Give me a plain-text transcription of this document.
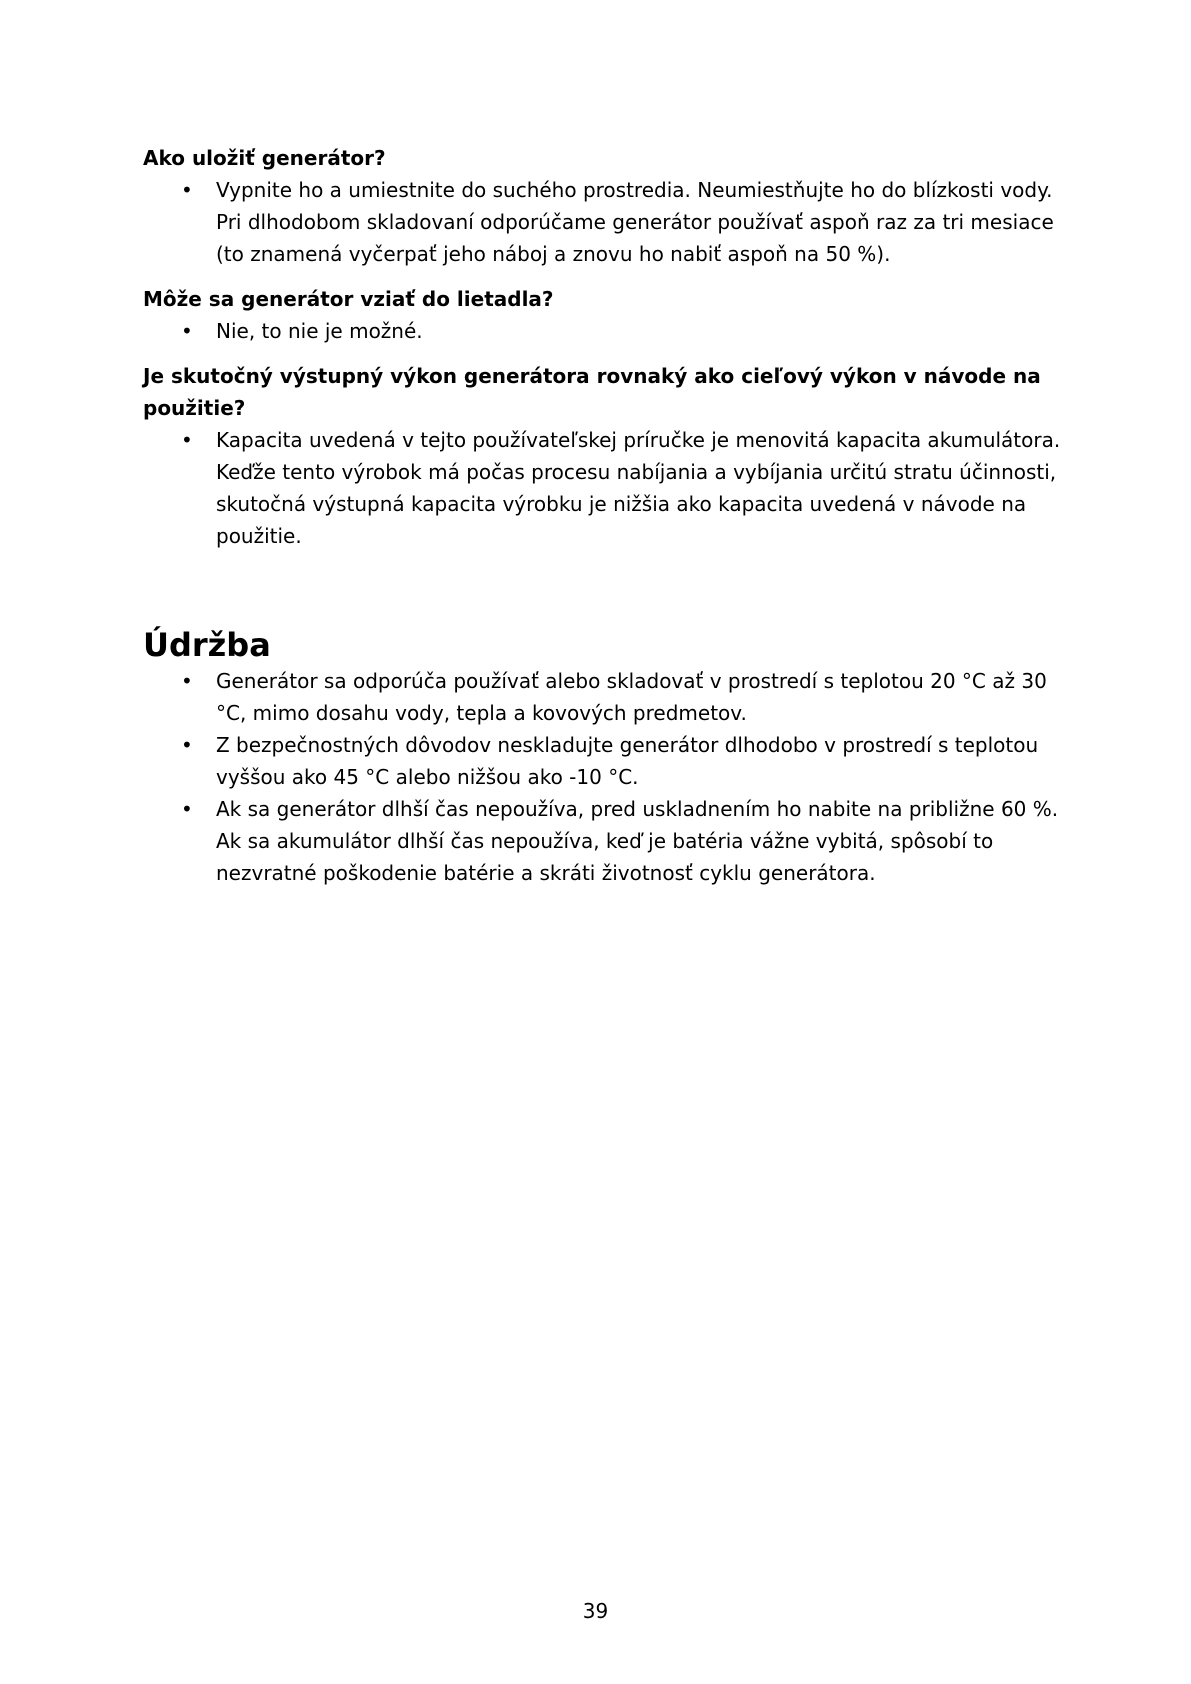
Ako uložiť generátor?

• Vypnite ho a umiestnite do suchého prostredia. Neumiestňujte ho do blízkosti vody. Pri dlhodobom skladovaní odporúčame generátor používať aspoň raz za tri mesiace (to znamená vyčerpať jeho náboj a znovu ho nabiť aspoň na 50 %).

Môže sa generátor vziať do lietadla?

• Nie, to nie je možné.

Je skutočný výstupný výkon generátora rovnaký ako cieľový výkon v návode na použitie?

• Kapacita uvedená v tejto používateľskej príručke je menovitá kapacita akumulátora. Keďže tento výrobok má počas procesu nabíjania a vybíjania určitú stratu účinnosti, skutočná výstupná kapacita výrobku je nižšia ako kapacita uvedená v návode na použitie.
Údržba
• Generátor sa odporúča používať alebo skladovať v prostredí s teplotou 20 °C až 30 °C, mimo dosahu vody, tepla a kovových predmetov.
• Z bezpečnostných dôvodov neskladujte generátor dlhodobo v prostredí s teplotou vyššou ako 45 °C alebo nižšou ako -10 °C.
• Ak sa generátor dlhší čas nepoužíva, pred uskladnením ho nabite na približne 60 %. Ak sa akumulátor dlhší čas nepoužíva, keď je batéria vážne vybitá, spôsobí to nezvratné poškodenie batérie a skráti životnosť cyklu generátora.
39
